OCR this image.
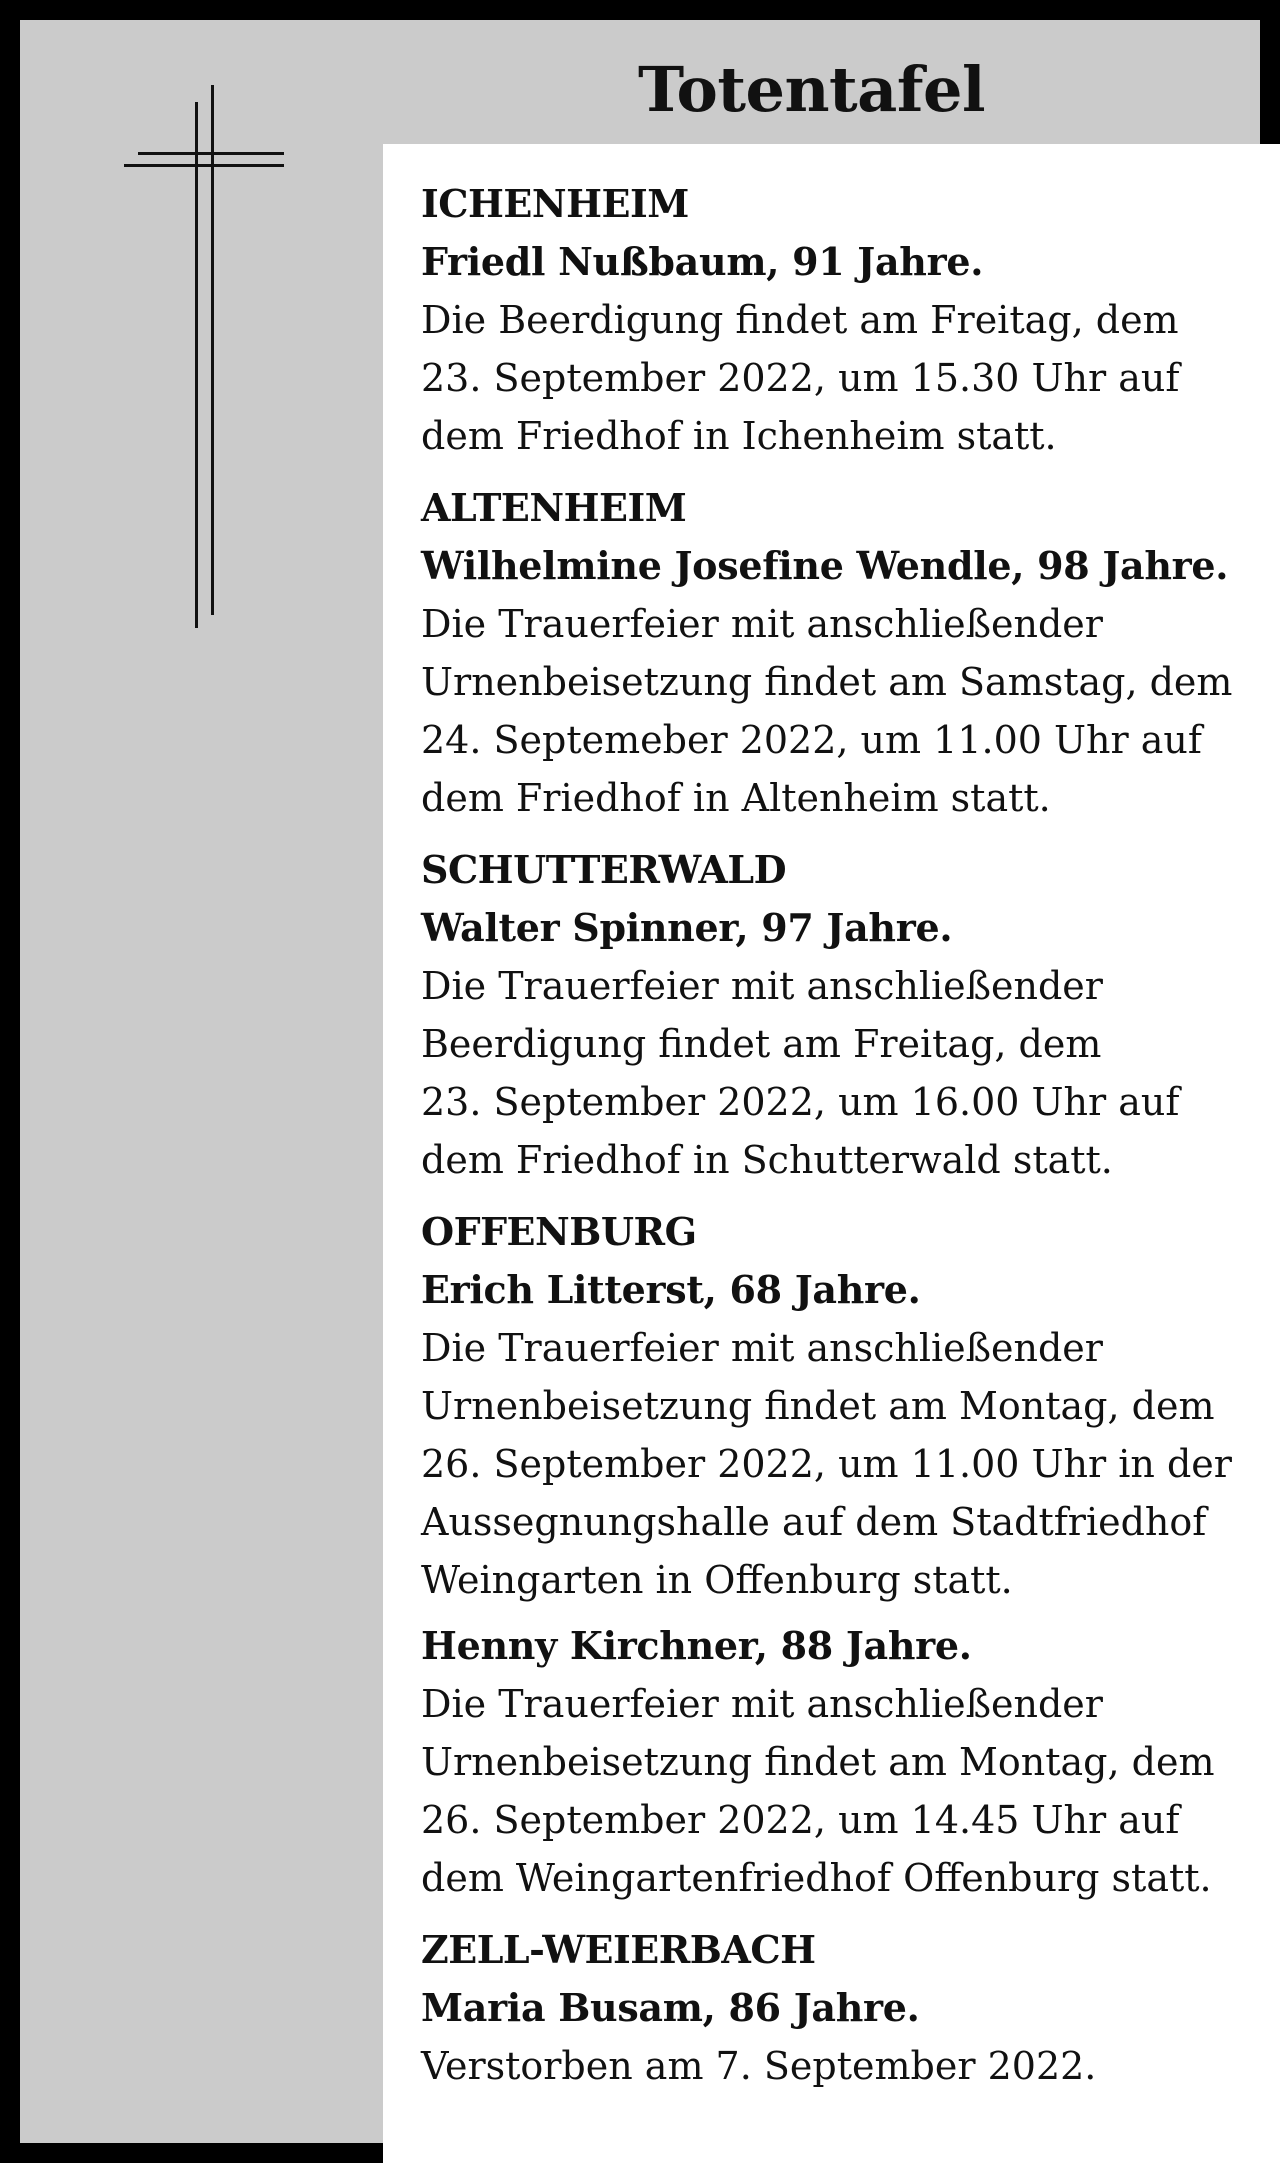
Totentafel
ICHENHEIM
Friedl Nußbaum, 91 Jahre.
Die Beerdigung findet am Freitag, dem
23. September 2022, um 15.30 Uhr auf
dem Friedhof in Ichenheim statt.
ALTENHEIM
Wilhelmine Josefine Wendle, 98 Jahre.
Die Trauerfeier mit anschließender
Urnenbeisetzung findet am Samstag, dem
24. Septemeber 2022, um 11.00 Uhr auf
dem Friedhof in Altenheim statt.
SCHUTTERWALD
Walter Spinner, 97 Jahre.
Die Trauerfeier mit anschließender
Beerdigung findet am Freitag, dem
23. September 2022, um 16.00 Uhr auf
dem Friedhof in Schutterwald statt.
OFFENBURG
Erich Litterst, 68 Jahre.
Die Trauerfeier mit anschließender
Urnenbeisetzung findet am Montag, dem
26. September 2022, um 11.00 Uhr in der
Aussegnungshalle auf dem Stadtfriedhof
Weingarten in Offenburg statt.
Henny Kirchner, 88 Jahre.
Die Trauerfeier mit anschließender
Urnenbeisetzung findet am Montag, dem
26. September 2022, um 14.45 Uhr auf
dem Weingartenfriedhof Offenburg statt.
ZELL-WEIERBACH
Maria Busam, 86 Jahre.
Verstorben am 7. September 2022.
